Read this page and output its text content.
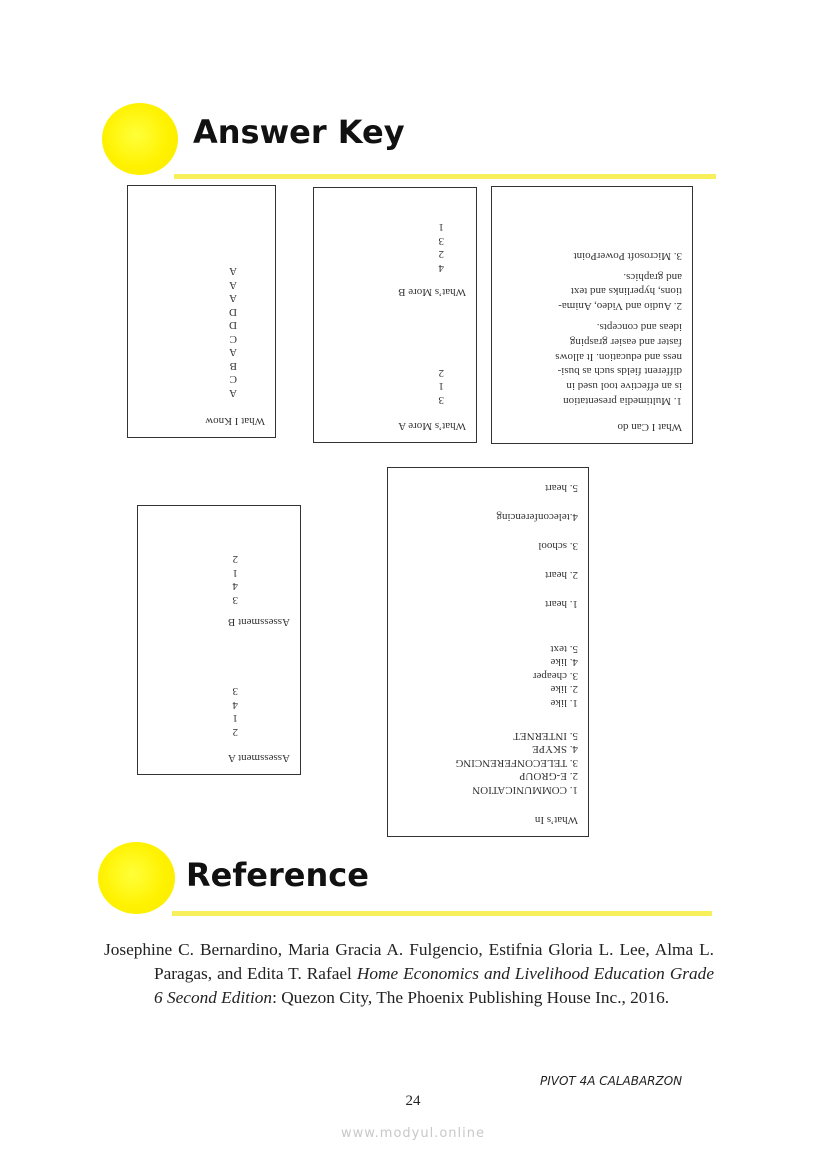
Answer Key

What I Know

A
C
B
A
C
D
D
A
A
A

What’s More A

3
1
2

What’s More B

4
2
3
1

What I Can do

1. Multimedia presentation
is an effective tool used in
different fields such as busi-
ness and education. It allows
faster and easier grasping
ideas and concepts.
2. Audio and Video, Anima-
tions, hyperlinks and text
and graphics.
3. Microsoft PowerPoint

Assessment A

2
1
4
3

Assessment B

3
4
1
2

What’s In

1. COMMUNICATION
2. E-GROUP
3. TELECONFERENCING
4. SKYPE
5. INTERNET
1. like
2. like
3. cheaper
4. like
5. text
1. heart
2. heart
3. school
4.teleconferencing
5. heart
Reference

Josephine C. Bernardino, Maria Gracia A. Fulgencio, Estifnia Gloria L. Lee, Alma L. Paragas, and Edita T. Rafael Home Economics and Livelihood Education Grade 6 Second Edition: Quezon City, The Phoenix Publishing House Inc., 2016.

PIVOT 4A CALABARZON
24
www.modyul.online
